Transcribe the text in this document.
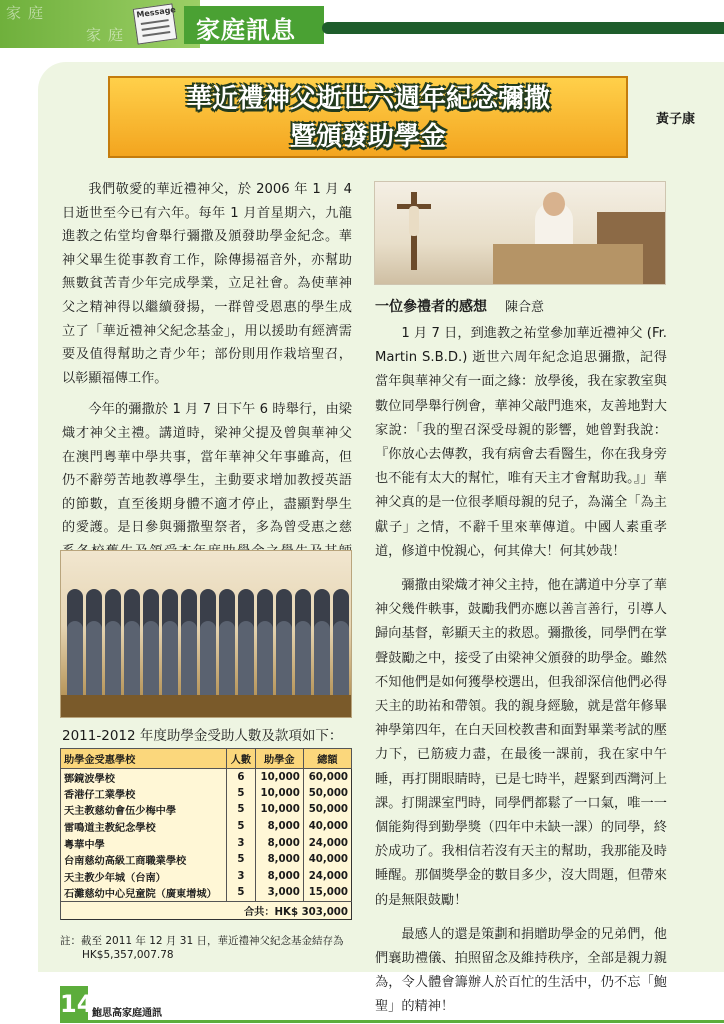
家 庭
家 庭
Message
家庭訊息
華近禮神父逝世六週年紀念彌撒
暨頒發助學金
黃子康

我們敬愛的華近禮神父，於 2006 年 1 月 4 日逝世至今已有六年。每年 1 月首星期六，九龍進教之佑堂均會舉行彌撒及頒發助學金紀念。華神父畢生從事教育工作，除傳揚福音外，亦幫助無數貧苦青少年完成學業，立足社會。為使華神父之精神得以繼續發揚，一群曾受恩惠的學生成立了「華近禮神父紀念基金」，用以援助有經濟需要及值得幫助之青少年；部份則用作栽培聖召，以彰顯福傳工作。

今年的彌撒於 1 月 7 日下午 6 時舉行，由梁熾才神父主禮。講道時，梁神父提及曾與華神父在澳門粵華中學共事，當年華神父年事雖高，但仍不辭勞苦地教導學生，主動要求增加教授英語的節數，直至後期身體不適才停止，盡顯對學生的愛護。是日參與彌撒聖祭者，多為曾受惠之慈

一位參禮者的感想 陳合意

1 月 7 日，到進教之祐堂參加華近禮神父 (Fr. Martin S.B.D.) 逝世六周年紀念追思彌撒，記得當年與華神父有一面之緣：放學後，我在家教室與數位同學舉行例會，華神父敲門進來，友善地對大家說：「我的聖召深受母親的影響，她曾對我說：『你放心去傳教，我有病會去看醫生，你在我身旁也不能有太大的幫忙，唯有天主才會幫助我。』」華神父真的是一位很孝順母親的兒子，為滿全「為主獻子」之情，不辭千里來華傳道。中國人素重孝道，修道中悅親心，何其偉大！何其妙哉！

彌撒由梁熾才神父主持，他在講道中分享了華神父幾件軼事，鼓勵我們亦應以善言善行，引導人歸向基督，彰顯天主的救恩。彌撒後，同學們在掌聲鼓勵之中，接受了由梁神父頒發的助學金。雖然不知他們是如何獲學校選出，但我卻深信他們必得天主的助祐和帶領。我的親身經驗，就是當年修畢神學第四年，在白天回校教書和面對畢業考試的壓力下，已筋疲力盡，在最後一課前，我在家中午睡，再打開眼睛時，已是七時半，趕緊到西灣河上課。打開課室門時，同學們都鬆了一口氣，唯一一個能夠得到勤學獎（四年中未缺一課）的同學，終於成功了。我相信若沒有天主的幫助，我那能及時睡醒。那個獎學金的數目多少，沒大問題，但帶來的是無限鼓勵！

最感人的還是策劃和捐贈助學金的兄弟們，他們襄助禮儀、拍照留念及維持秩序，全部是親力親為，令人體會籌辦人於百忙的生活中，仍不忘「鮑聖」的精神！

2011-2012 年度助學金受助人數及款項如下：
助學金受惠學校	人數	助學金	總額
鄧鏡波學校	6	10,000	60,000
香港仔工業學校	5	10,000	50,000
天主教慈幼會伍少梅中學	5	10,000	50,000
雷鳴道主教紀念學校	5	8,000	40,000
粵華中學	3	8,000	24,000
台南慈幼高級工商職業學校	5	8,000	40,000
天主教少年城（台南）	3	8,000	24,000
石灘慈幼中心兒童院（廣東增城）	5	3,000	15,000
合共：HK$ 303,000			
註：截至 2011 年 12 月 31 日，華近禮神父紀念基金結存為
HK$5,357,007.78
14
鮑思高家庭通訊
